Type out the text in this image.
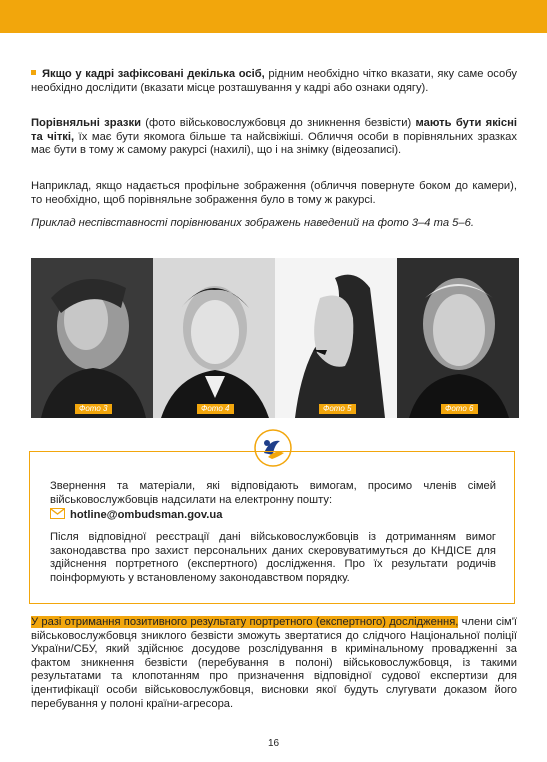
Якщо у кадрі зафіксовані декілька осіб, рідним необхідно чітко вказати, яку саме особу необхідно дослідити (вказати місце розташування у кадрі або ознаки одягу).

Порівняльні зразки (фото військовослужбовця до зникнення безвісти) мають бути якісні та чіткі, їх має бути якомога більше та найсвіжіші. Обличчя особи в порівняльних зразках має бути в тому ж самому ракурсі (нахилі), що і на знімку (відеозаписі).

Наприклад, якщо надається профільне зображення (обличчя повернуте боком до камери), то необхідно, щоб порівняльне зображення було в тому ж ракурсі.

Приклад неспівставності порівнюваних зображень наведений на фото 3–4 та 5–6.

Фото 3	Фото 4	Фото 5	Фото 6

Звернення та матеріали, які відповідають вимогам, просимо членів сімей військовослужбовців надсилати на електронну пошту:

hotline@ombudsman.gov.ua

Після відповідної реєстрації дані військовослужбовців із дотриманням вимог законодавства про захист персональних даних скеровуватимуться до КНДІСЕ для здійснення портретного (експертного) дослідження. Про їх результати родичів поінформують у встановленому законодавством порядку.

У разі отримання позитивного результату портретного (експертного) дослідження, члени сім'ї військовослужбовця зниклого безвісти зможуть звертатися до слідчого Національної поліції України/СБУ, який здійснює досудове розслідування в кримінальному провадженні за фактом зникнення безвісти (перебування в полоні) військовослужбовця, із такими результатами та клопотанням про призначення відповідної судової експертизи для ідентифікації особи військовослужбовця, висновки якої будуть слугувати доказом його перебування у полоні країни-агресора.

16
